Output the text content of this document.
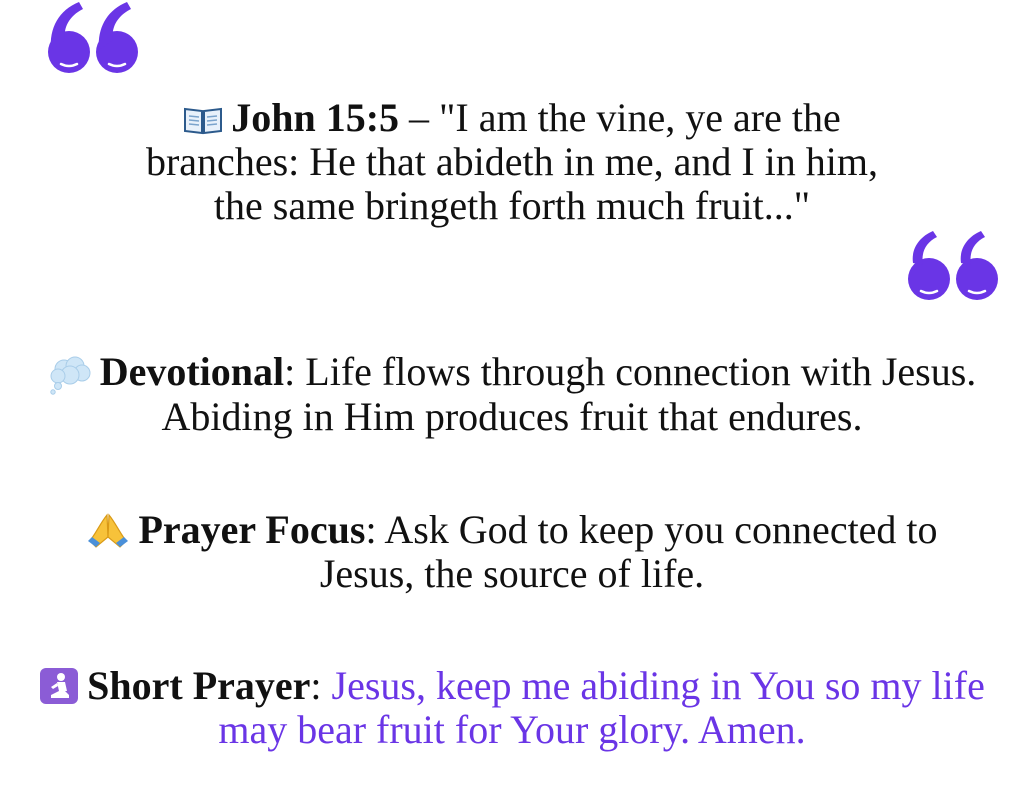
John 15:5 – "I am the vine, ye are the
branches: He that abideth in me, and I in him,
the same bringeth forth much fruit..."
Devotional: Life flows through connection with Jesus.
Abiding in Him produces fruit that endures.
Prayer Focus: Ask God to keep you connected to
Jesus, the source of life.
Short Prayer: Jesus, keep me abiding in You so my life
may bear fruit for Your glory. Amen.
